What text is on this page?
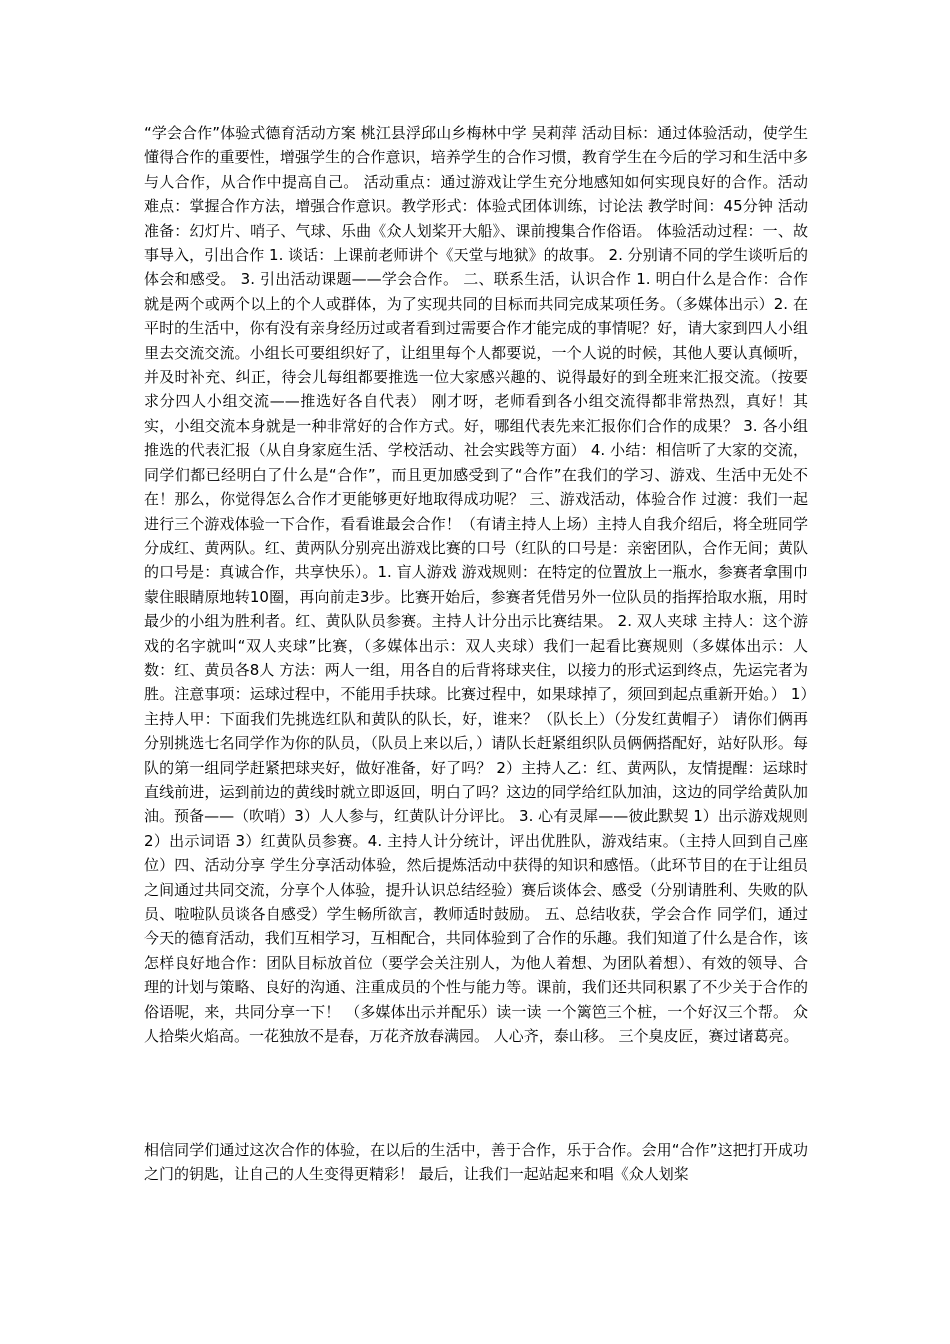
“学会合作”体验式德育活动方案 桃江县浮邱山乡梅林中学 吴莉萍 活动目标：通过体验活动，使学生懂得合作的重要性，增强学生的合作意识，培养学生的合作习惯，教育学生在今后的学习和生活中多与人合作，从合作中提高自己。 活动重点：通过游戏让学生充分地感知如何实现良好的合作。活动难点：掌握合作方法，增强合作意识。教学形式：体验式团体训练，讨论法 教学时间：45分钟 活动准备：幻灯片、哨子、气球、乐曲《众人划桨开大船》、课前搜集合作俗语。 体验活动过程：一、故事导入，引出合作 1. 谈话：上课前老师讲个《天堂与地狱》的故事。 2. 分别请不同的学生谈听后的体会和感受。 3. 引出活动课题——学会合作。 二、联系生活，认识合作 1. 明白什么是合作：合作就是两个或两个以上的个人或群体，为了实现共同的目标而共同完成某项任务。（多媒体出示）2. 在平时的生活中，你有没有亲身经历过或者看到过需要合作才能完成的事情呢？好，请大家到四人小组里去交流交流。小组长可要组织好了，让组里每个人都要说，一个人说的时候，其他人要认真倾听，并及时补充、纠正，待会儿每组都要推选一位大家感兴趣的、说得最好的到全班来汇报交流。（按要求分四人小组交流——推选好各自代表） 刚才呀，老师看到各小组交流得都非常热烈，真好！其实，小组交流本身就是一种非常好的合作方式。好，哪组代表先来汇报你们合作的成果？ 3. 各小组推选的代表汇报（从自身家庭生活、学校活动、社会实践等方面） 4. 小结：相信听了大家的交流，同学们都已经明白了什么是“合作”，而且更加感受到了“合作”在我们的学习、游戏、生活中无处不在！那么，你觉得怎么合作才更能够更好地取得成功呢？ 三、游戏活动，体验合作 过渡：我们一起进行三个游戏体验一下合作，看看谁最会合作！（有请主持人上场）主持人自我介绍后，将全班同学分成红、黄两队。红、黄两队分别亮出游戏比赛的口号（红队的口号是：亲密团队，合作无间；黄队的口号是：真诚合作，共享快乐）。1. 盲人游戏 游戏规则：在特定的位置放上一瓶水，参赛者拿围巾蒙住眼睛原地转10圈，再向前走3步。比赛开始后，参赛者凭借另外一位队员的指挥拾取水瓶，用时最少的小组为胜利者。红、黄队队员参赛。主持人计分出示比赛结果。 2. 双人夹球 主持人：这个游戏的名字就叫“双人夹球”比赛，（多媒体出示：双人夹球）我们一起看比赛规则（多媒体出示：人数：红、黄员各8人 方法：两人一组，用各自的后背将球夹住，以接力的形式运到终点，先运完者为胜。注意事项：运球过程中，不能用手扶球。比赛过程中，如果球掉了，须回到起点重新开始。） 1）主持人甲：下面我们先挑选红队和黄队的队长，好，谁来？（队长上）（分发红黄帽子） 请你们俩再分别挑选七名同学作为你的队员，（队员上来以后，）请队长赶紧组织队员俩俩搭配好，站好队形。每队的第一组同学赶紧把球夹好，做好准备，好了吗？ 2）主持人乙：红、黄两队，友情提醒：运球时直线前进，运到前边的黄线时就立即返回，明白了吗？这边的同学给红队加油，这边的同学给黄队加油。预备——（吹哨）3）人人参与，红黄队计分评比。 3. 心有灵犀——彼此默契 1）出示游戏规则 2）出示词语 3）红黄队员参赛。4. 主持人计分统计，评出优胜队，游戏结束。（主持人回到自己座位）四、活动分享 学生分享活动体验，然后提炼活动中获得的知识和感悟。（此环节目的在于让组员之间通过共同交流，分享个人体验，提升认识总结经验）赛后谈体会、感受（分别请胜利、失败的队员、啦啦队员谈各自感受）学生畅所欲言，教师适时鼓励。 五、总结收获，学会合作 同学们，通过今天的德育活动，我们互相学习，互相配合，共同体验到了合作的乐趣。我们知道了什么是合作，该怎样良好地合作：团队目标放首位（要学会关注别人，为他人着想、为团队着想）、有效的领导、合理的计划与策略、良好的沟通、注重成员的个性与能力等。课前，我们还共同积累了不少关于合作的俗语呢，来，共同分享一下！ （多媒体出示并配乐）读一读 一个篱笆三个桩，一个好汉三个帮。 众人拾柴火焰高。一花独放不是春，万花齐放春满园。 人心齐，泰山移。 三个臭皮匠，赛过诸葛亮。

相信同学们通过这次合作的体验，在以后的生活中，善于合作，乐于合作。会用“合作”这把打开成功之门的钥匙，让自己的人生变得更精彩！ 最后，让我们一起站起来和唱《众人划桨
